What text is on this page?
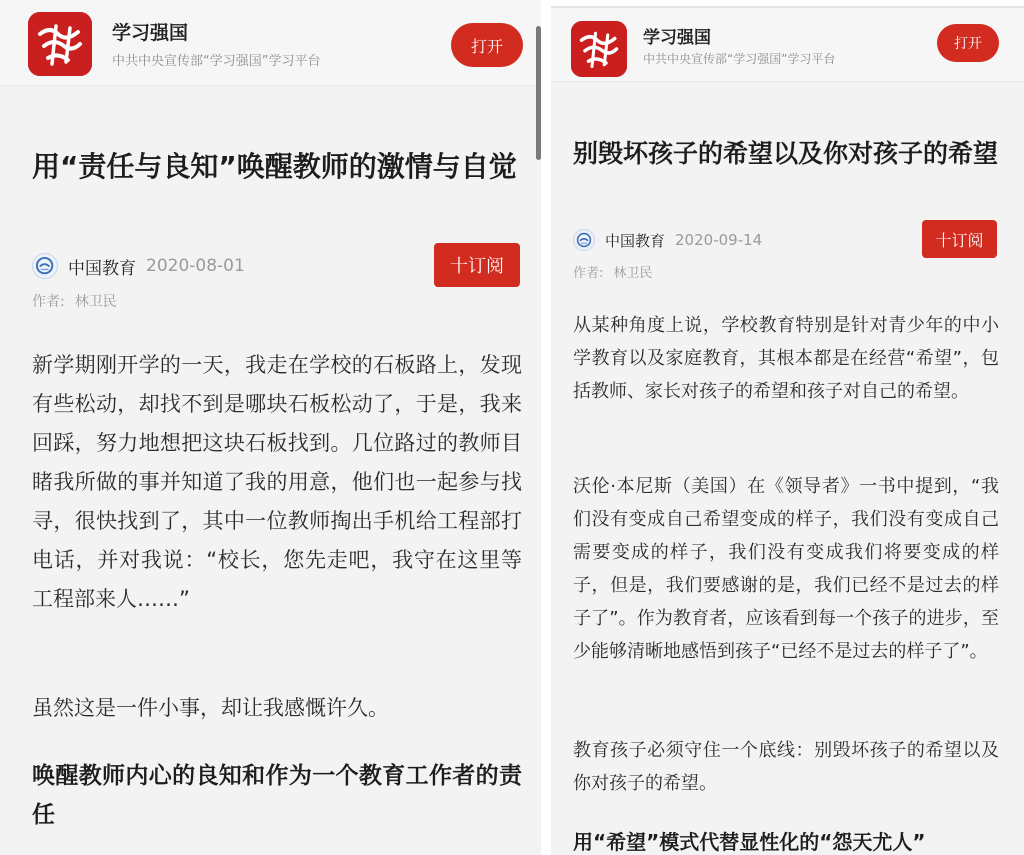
学习强国
中共中央宣传部“学习强国”学习平台
打开
用“责任与良知”唤醒教师的激情与自觉
中国教育 2020-08-01	十订阅
作者: 林卫民
新学期刚开学的一天，我走在学校的石板路上，发现有些松动，却找不到是哪块石板松动了，于是，我来回踩，努力地想把这块石板找到。几位路过的教师目睹我所做的事并知道了我的用意，他们也一起参与找寻，很快找到了，其中一位教师掏出手机给工程部打电话，并对我说：“校长，您先走吧，我守在这里等工程部来人……”
虽然这是一件小事，却让我感慨许久。
唤醒教师内心的良知和作为一个教育工作者的责任
学习强国
中共中央宣传部“学习强国”学习平台
打开
别毁坏孩子的希望以及你对孩子的希望
中国教育 2020-09-14	十订阅
作者: 林卫民
从某种角度上说，学校教育特别是针对青少年的中小学教育以及家庭教育，其根本都是在经营“希望”，包括教师、家长对孩子的希望和孩子对自己的希望。
沃伦·本尼斯（美国）在《领导者》一书中提到，“我们没有变成自己希望变成的样子，我们没有变成自己需要变成的样子，我们没有变成我们将要变成的样子，但是，我们要感谢的是，我们已经不是过去的样子了”。作为教育者，应该看到每一个孩子的进步，至少能够清晰地感悟到孩子“已经不是过去的样子了”。
教育孩子必须守住一个底线：别毁坏孩子的希望以及你对孩子的希望。
用“希望”模式代替显性化的“怨天尤人”
